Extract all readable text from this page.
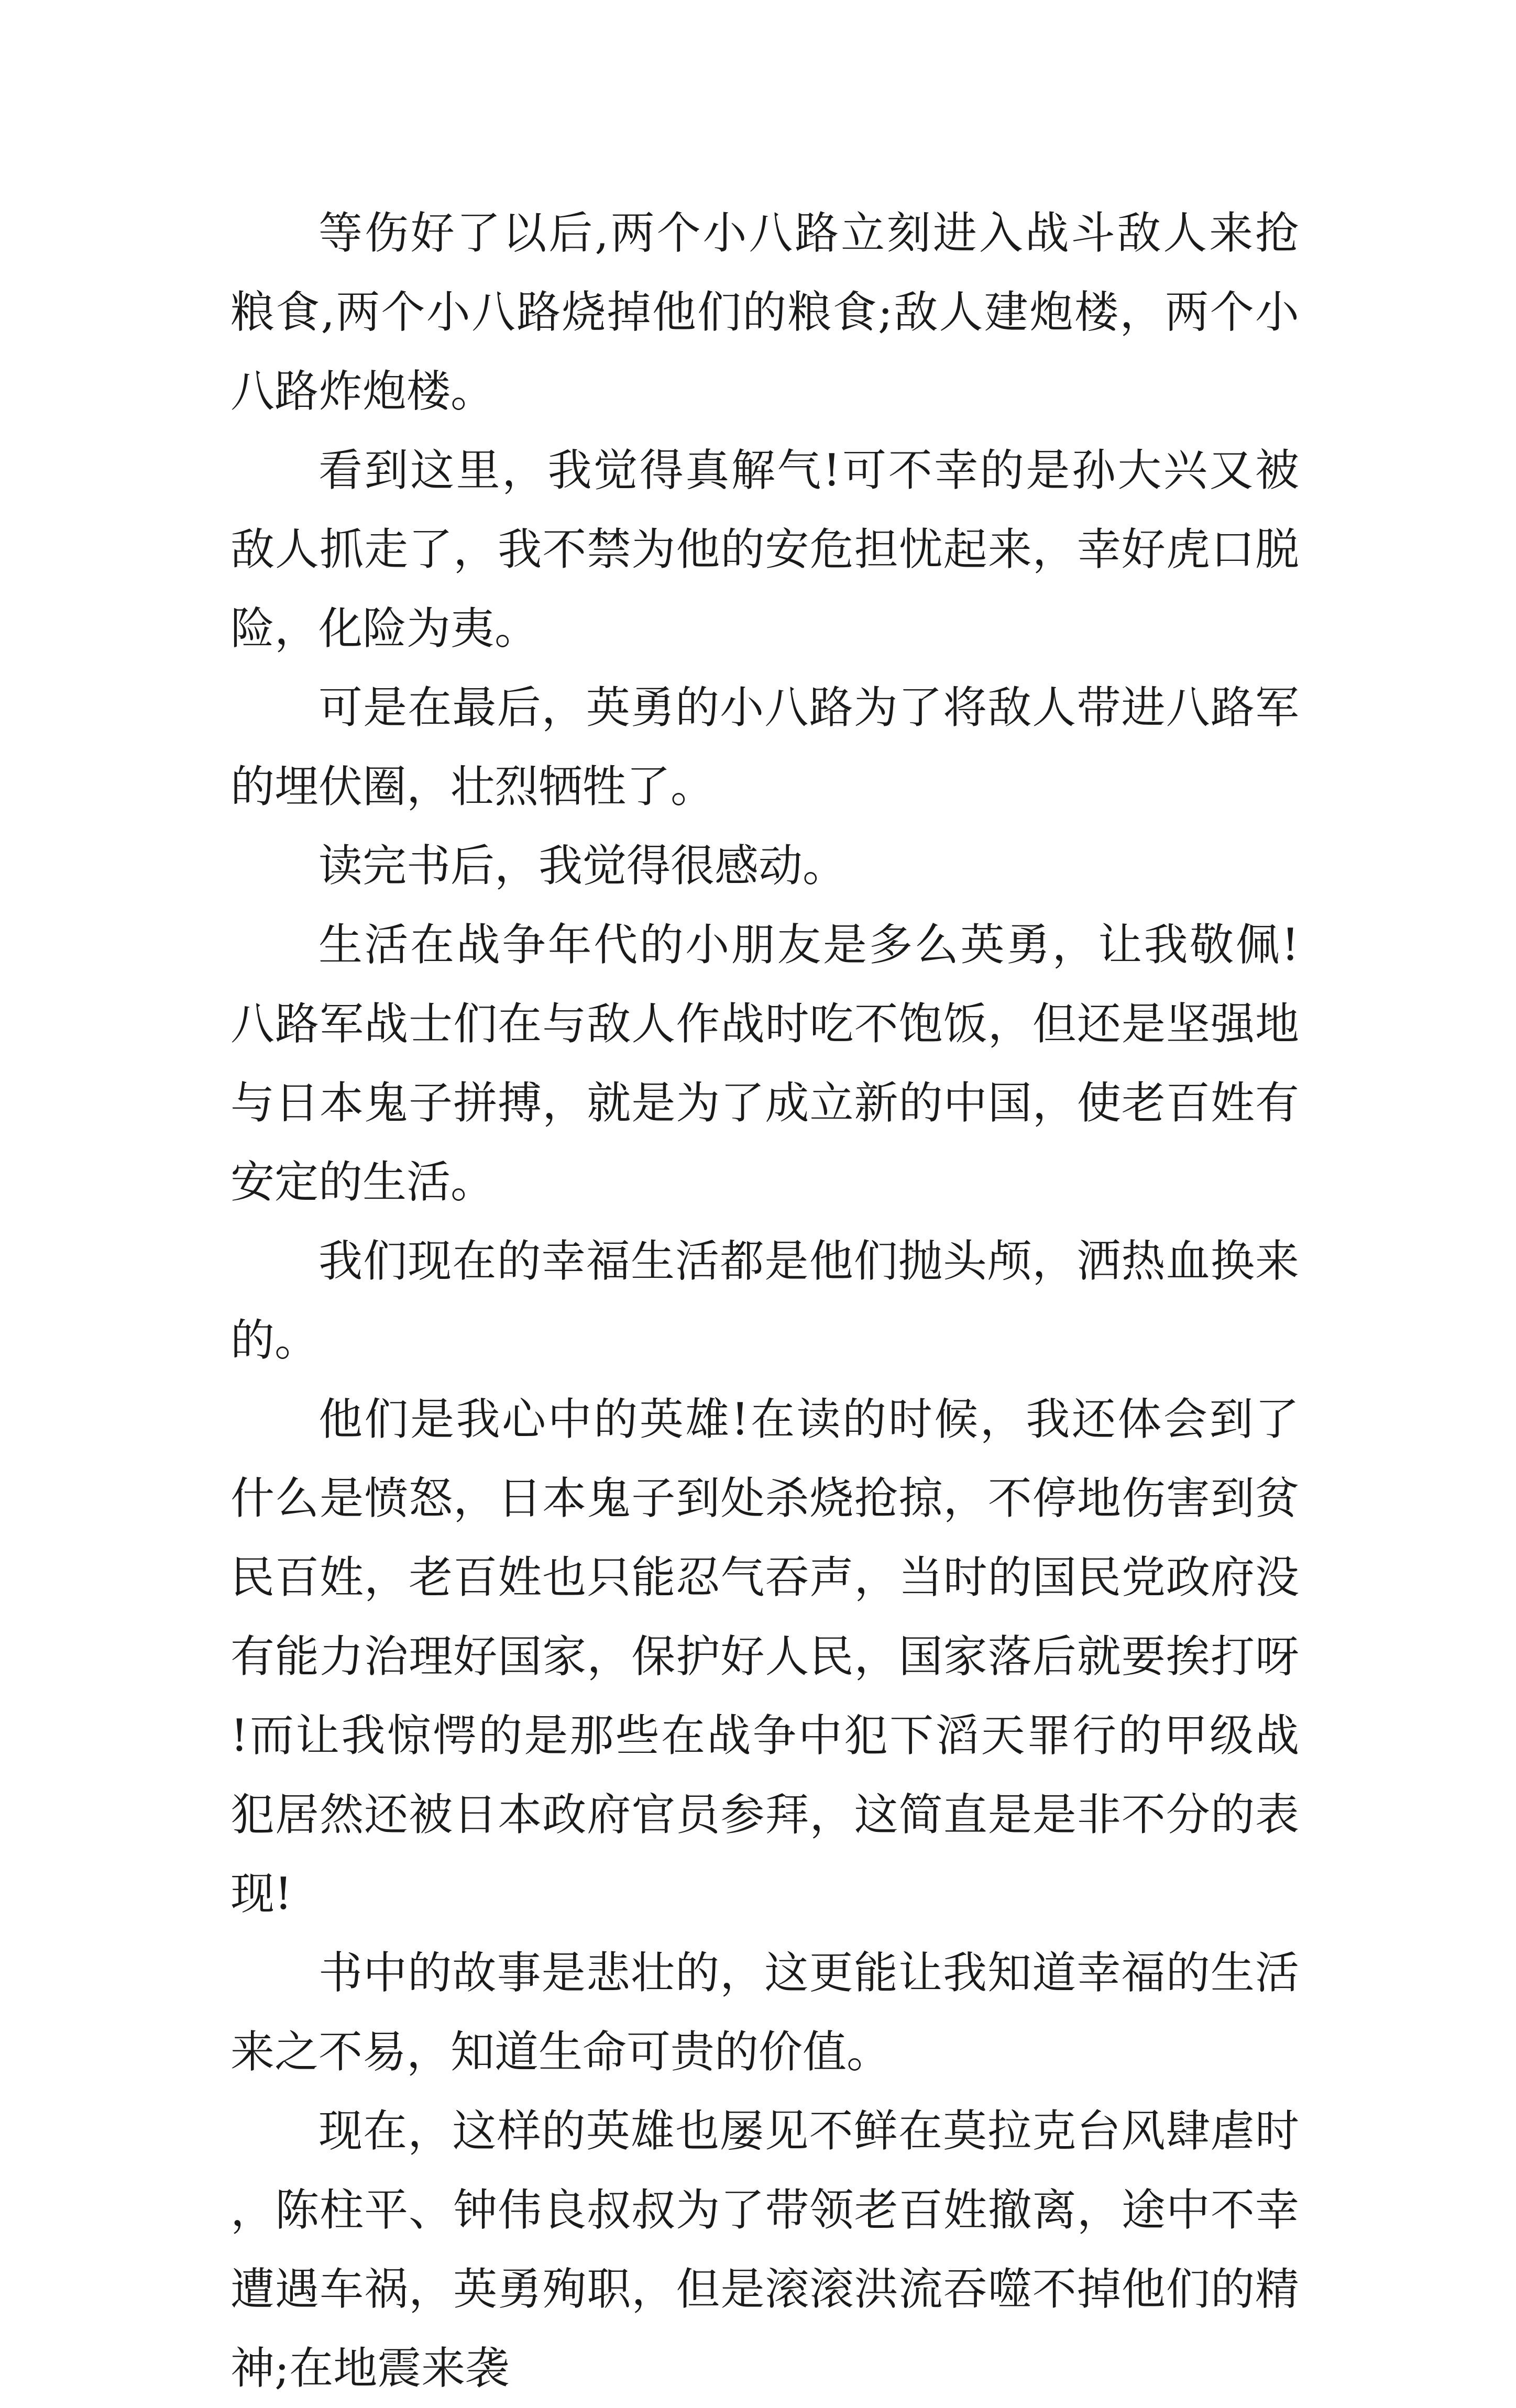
等伤好了以后,两个小八路立刻进入战斗敌人来抢粮食,两个小八路烧掉他们的粮食;敌人建炮楼，两个小八路炸炮楼。

看到这里，我觉得真解气!可不幸的是孙大兴又被敌人抓走了，我不禁为他的安危担忧起来，幸好虎口脱险，化险为夷。

可是在最后，英勇的小八路为了将敌人带进八路军的埋伏圈，壮烈牺牲了。

读完书后，我觉得很感动。

生活在战争年代的小朋友是多么英勇，让我敬佩!八路军战士们在与敌人作战时吃不饱饭，但还是坚强地与日本鬼子拼搏，就是为了成立新的中国，使老百姓有安定的生活。

我们现在的幸福生活都是他们抛头颅，洒热血换来的。

他们是我心中的英雄!在读的时候，我还体会到了什么是愤怒，日本鬼子到处杀烧抢掠，不停地伤害到贫民百姓，老百姓也只能忍气吞声，当时的国民党政府没有能力治理好国家，保护好人民，国家落后就要挨打呀!而让我惊愕的是那些在战争中犯下滔天罪行的甲级战犯居然还被日本政府官员参拜，这简直是是非不分的表现!

书中的故事是悲壮的，这更能让我知道幸福的生活来之不易，知道生命可贵的价值。

现在，这样的英雄也屡见不鲜在莫拉克台风肆虐时，陈柱平、钟伟良叔叔为了带领老百姓撤离，途中不幸遭遇车祸，英勇殉职，但是滚滚洪流吞噬不掉他们的精神;在地震来袭
